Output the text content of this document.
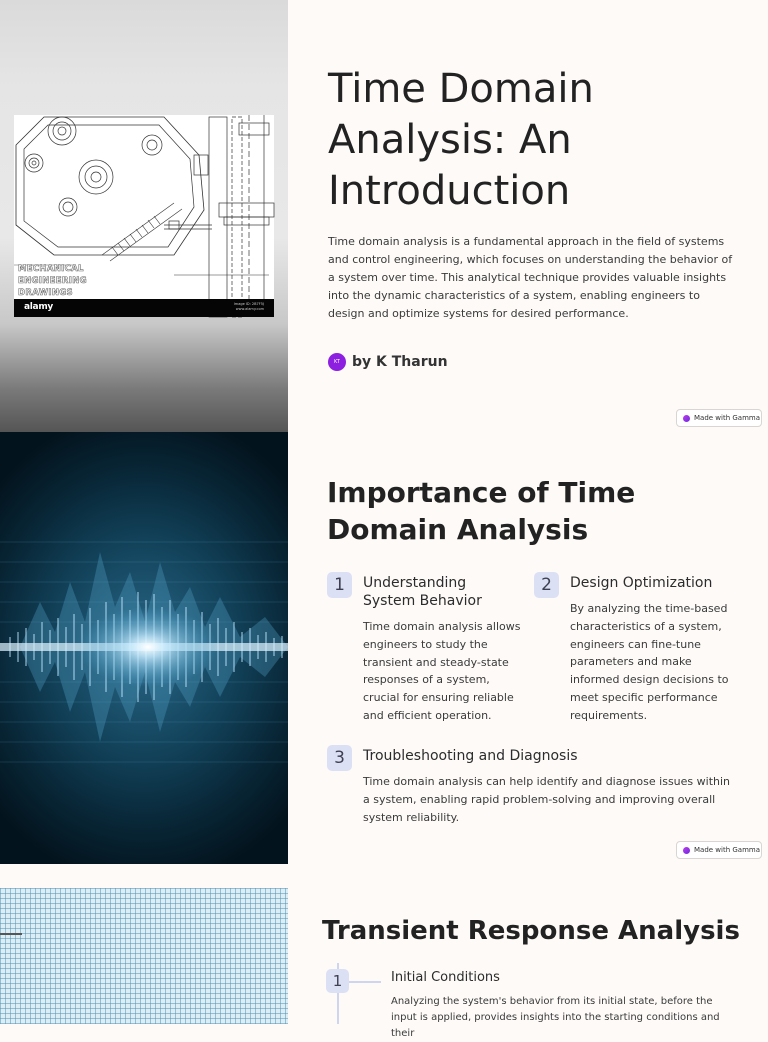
MECHANICAL
ENGINEERING
DRAWINGS
alamy	Image ID: 2B7F5J
www.alamy.com
Time Domain Analysis: An Introduction

Time domain analysis is a fundamental approach in the field of systems and control engineering, which focuses on understanding the behavior of a system over time. This analytical technique provides valuable insights into the dynamic characteristics of a system, enabling engineers to design and optimize systems for desired performance.

KT by K Tharun
Made with Gamma
Importance of Time Domain Analysis
1	Understanding System Behavior
Time domain analysis allows engineers to study the transient and steady-state responses of a system, crucial for ensuring reliable and efficient operation.
2	Design Optimization
By analyzing the time-based characteristics of a system, engineers can fine-tune parameters and make informed design decisions to meet specific performance requirements.
3	Troubleshooting and Diagnosis
Time domain analysis can help identify and diagnose issues within a system, enabling rapid problem-solving and improving overall system reliability.
Made with Gamma
Transient Response Analysis
1	Initial Conditions
Analyzing the system's behavior from its initial state, before the input is applied, provides insights into the starting conditions and their
